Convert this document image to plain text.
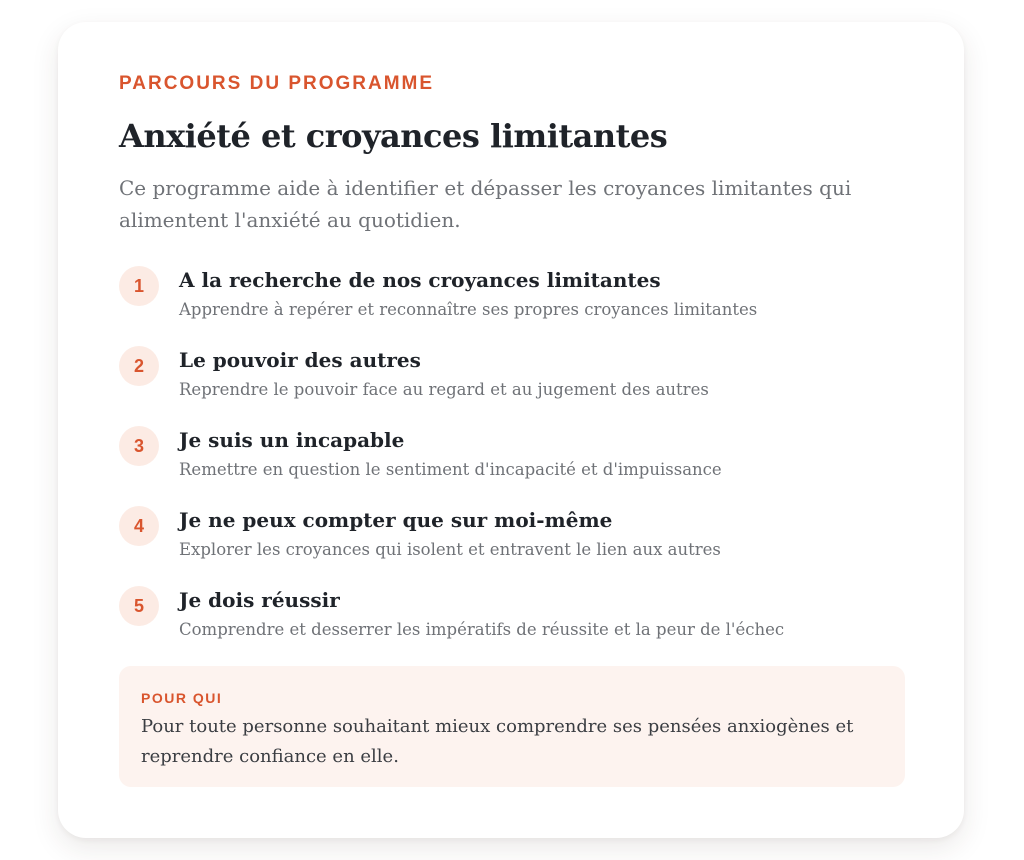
PARCOURS DU PROGRAMME
Anxiété et croyances limitantes

Ce programme aide à identifier et dépasser les croyances limitantes qui alimentent l'anxiété au quotidien.

1	A la recherche de nos croyances limitantes
Apprendre à repérer et reconnaître ses propres croyances limitantes
2	Le pouvoir des autres
Reprendre le pouvoir face au regard et au jugement des autres
3	Je suis un incapable
Remettre en question le sentiment d'incapacité et d'impuissance
4	Je ne peux compter que sur moi-même
Explorer les croyances qui isolent et entravent le lien aux autres
5	Je dois réussir
Comprendre et desserrer les impératifs de réussite et la peur de l'échec
POUR QUI

Pour toute personne souhaitant mieux comprendre ses pensées anxiogènes et reprendre confiance en elle.
